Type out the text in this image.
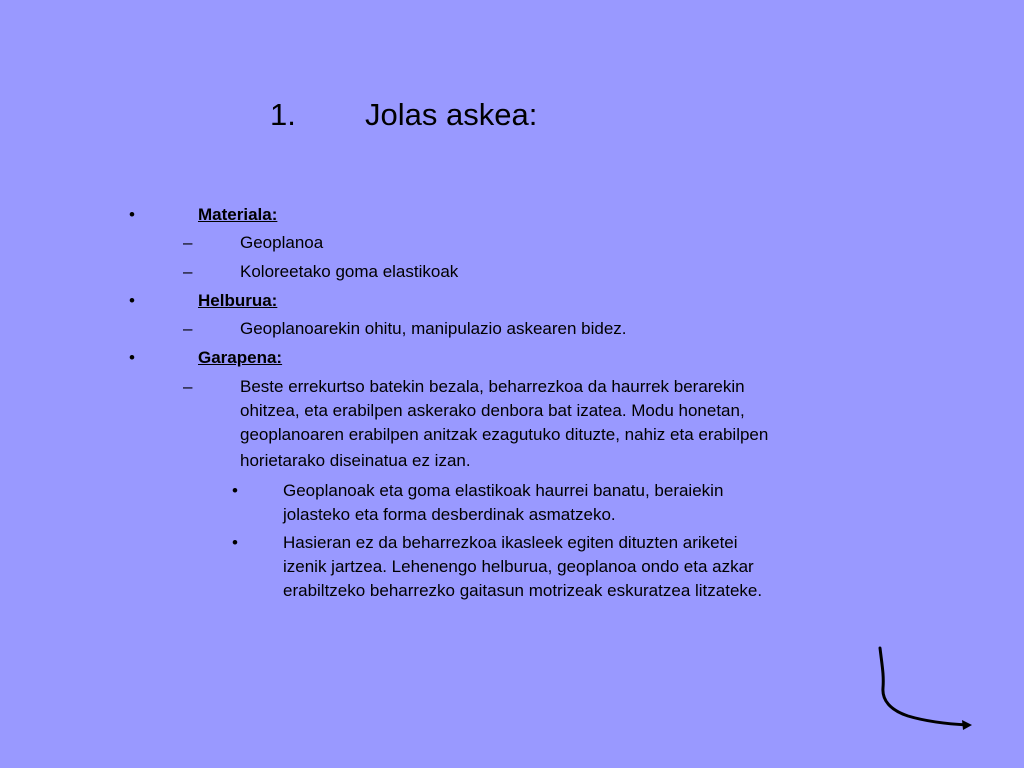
1. Jolas askea:
•	Materiala:
–	Geoplanoa
–	Koloreetako goma elastikoak
•	Helburua:
–	Geoplanoarekin ohitu, manipulazio askearen bidez.
•	Garapena:
–	Beste errekurtso batekin bezala, beharrezkoa da haurrek berarekin
ohitzea, eta erabilpen askerako denbora bat izatea. Modu honetan,
geoplanoaren erabilpen anitzak ezagutuko dituzte, nahiz eta erabilpen
horietarako diseinatua ez izan.
•	Geoplanoak eta goma elastikoak haurrei banatu, beraiekin
jolasteko eta forma desberdinak asmatzeko.
•	Hasieran ez da beharrezkoa ikasleek egiten dituzten ariketei
izenik jartzea. Lehenengo helburua, geoplanoa ondo eta azkar
erabiltzeko beharrezko gaitasun motrizeak eskuratzea litzateke.
